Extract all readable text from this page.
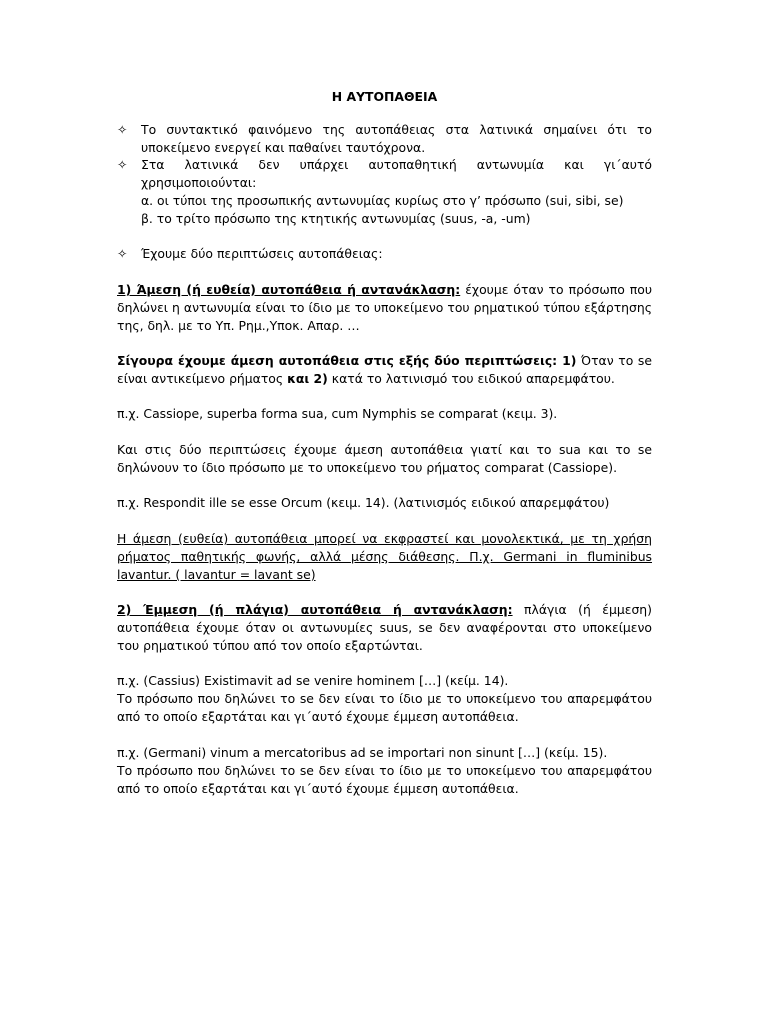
Η ΑΥΤΟΠΑΘΕΙΑ
✧ Το συντακτικό φαινόμενο της αυτοπάθειας στα λατινικά σημαίνει ότι το υποκείμενο ενεργεί και παθαίνει ταυτόχρονα.
✧ Στα λατινικά δεν υπάρχει αυτοπαθητική αντωνυμία και γι΄αυτό χρησιμοποιούνται:
α. οι τύποι της προσωπικής αντωνυμίας κυρίως στο γ’ πρόσωπο (sui, sibi, se)
β. το τρίτο πρόσωπο της κτητικής αντωνυμίας (suus, -a, -um)
✧ Έχουμε δύο περιπτώσεις αυτοπάθειας:
1) Άμεση (ή ευθεία) αυτοπάθεια ή αντανάκλαση: έχουμε όταν το πρόσωπο που δηλώνει η αντωνυμία είναι το ίδιο με το υποκείμενο του ρηματικού τύπου εξάρτησης της, δηλ. με το Υπ. Ρημ.,Υποκ. Απαρ. …
Σίγουρα έχουμε άμεση αυτοπάθεια στις εξής δύο περιπτώσεις: 1) Όταν το se είναι αντικείμενο ρήματος και 2) κατά το λατινισμό του ειδικού απαρεμφάτου.
π.χ. Cassiope, superba forma sua, cum Nymphis se comparat (κειμ. 3).
Και στις δύο περιπτώσεις έχουμε άμεση αυτοπάθεια γιατί και το sua και το se δηλώνουν το ίδιο πρόσωπο με το υποκείμενο του ρήματος comparat (Cassiope).
π.χ. Respondit ille se esse Orcum (κειμ. 14). (λατινισμός ειδικού απαρεμφάτου)
Η άμεση (ευθεία) αυτοπάθεια μπορεί να εκφραστεί και μονολεκτικά, με τη χρήση ρήματος παθητικής φωνής, αλλά μέσης διάθεσης. Π.χ. Germani in fluminibus lavantur. ( lavantur = lavant se)
2) Έμμεση (ή πλάγια) αυτοπάθεια ή αντανάκλαση: πλάγια (ή έμμεση) αυτοπάθεια έχουμε όταν οι αντωνυμίες suus, se δεν αναφέρονται στο υποκείμενο του ρηματικού τύπου από τον οποίο εξαρτώνται.
π.χ. (Cassius) Existimavit ad se venire hominem […] (κείμ. 14).
Το πρόσωπο που δηλώνει το se δεν είναι το ίδιο με το υποκείμενο του απαρεμφάτου από το οποίο εξαρτάται και γι΄αυτό έχουμε έμμεση αυτοπάθεια.
π.χ. (Germani) vinum a mercatoribus ad se importari non sinunt […] (κείμ. 15).
Το πρόσωπο που δηλώνει το se δεν είναι το ίδιο με το υποκείμενο του απαρεμφάτου από το οποίο εξαρτάται και γι΄αυτό έχουμε έμμεση αυτοπάθεια.
